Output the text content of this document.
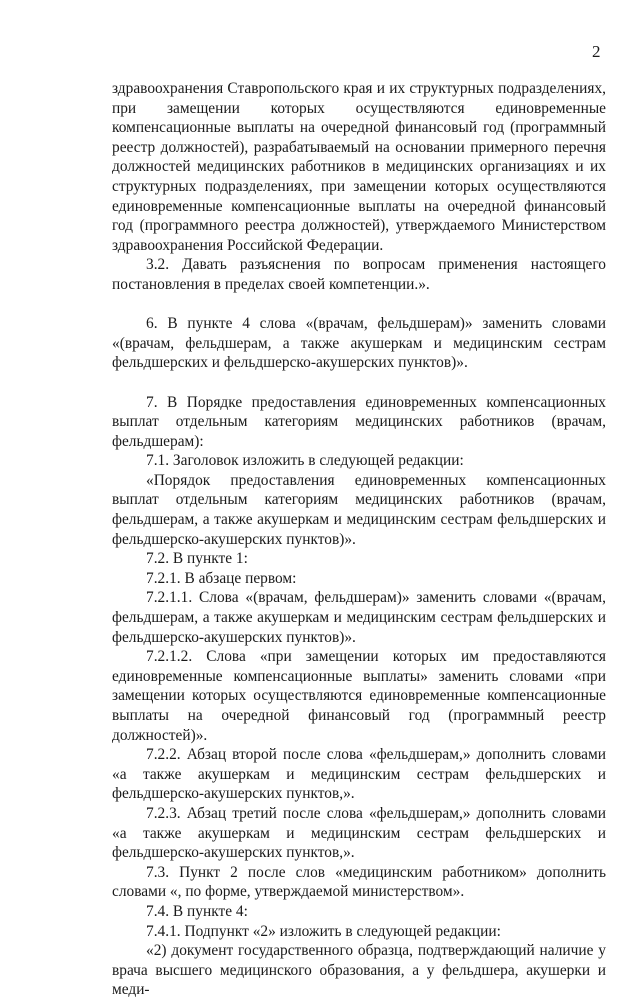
2

здравоохранения Ставропольского края и их структурных подразделениях, при замещении которых осуществляются единовременные компенсационные выплаты на очередной финансовый год (программный реестр должностей), разрабатываемый на основании примерного перечня должностей медицинских работников в медицинских организациях и их структурных подразделениях, при замещении которых осуществляются единовременные компенсационные выплаты на очередной финансовый год (программного реестра должностей), утверждаемого Министерством здравоохранения Российской Федерации.

3.2. Давать разъяснения по вопросам применения настоящего постановления в пределах своей компетенции.».

6. В пункте 4 слова «(врачам, фельдшерам)» заменить словами «(врачам, фельдшерам, а также акушеркам и медицинским сестрам фельдшерских и фельдшерско-акушерских пунктов)».

7. В Порядке предоставления единовременных компенсационных выплат отдельным категориям медицинских работников (врачам, фельдшерам):

7.1. Заголовок изложить в следующей редакции:

«Порядок предоставления единовременных компенсационных выплат отдельным категориям медицинских работников (врачам, фельдшерам, а также акушеркам и медицинским сестрам фельдшерских и фельдшерско-акушерских пунктов)».

7.2. В пункте 1:

7.2.1. В абзаце первом:

7.2.1.1. Слова «(врачам, фельдшерам)» заменить словами «(врачам, фельдшерам, а также акушеркам и медицинским сестрам фельдшерских и фельдшерско-акушерских пунктов)».

7.2.1.2. Слова «при замещении которых им предоставляются единовременные компенсационные выплаты» заменить словами «при замещении которых осуществляются единовременные компенсационные выплаты на очередной финансовый год (программный реестр должностей)».

7.2.2. Абзац второй после слова «фельдшерам,» дополнить словами «а также акушеркам и медицинским сестрам фельдшерских и фельдшерско-акушерских пунктов,».

7.2.3. Абзац третий после слова «фельдшерам,» дополнить словами «а также акушеркам и медицинским сестрам фельдшерских и фельдшерско-акушерских пунктов,».

7.3. Пункт 2 после слов «медицинским работником» дополнить словами «, по форме, утверждаемой министерством».

7.4. В пункте 4:

7.4.1. Подпункт «2» изложить в следующей редакции:

«2) документ государственного образца, подтверждающий наличие у врача высшего медицинского образования, а у фельдшера, акушерки и меди-
